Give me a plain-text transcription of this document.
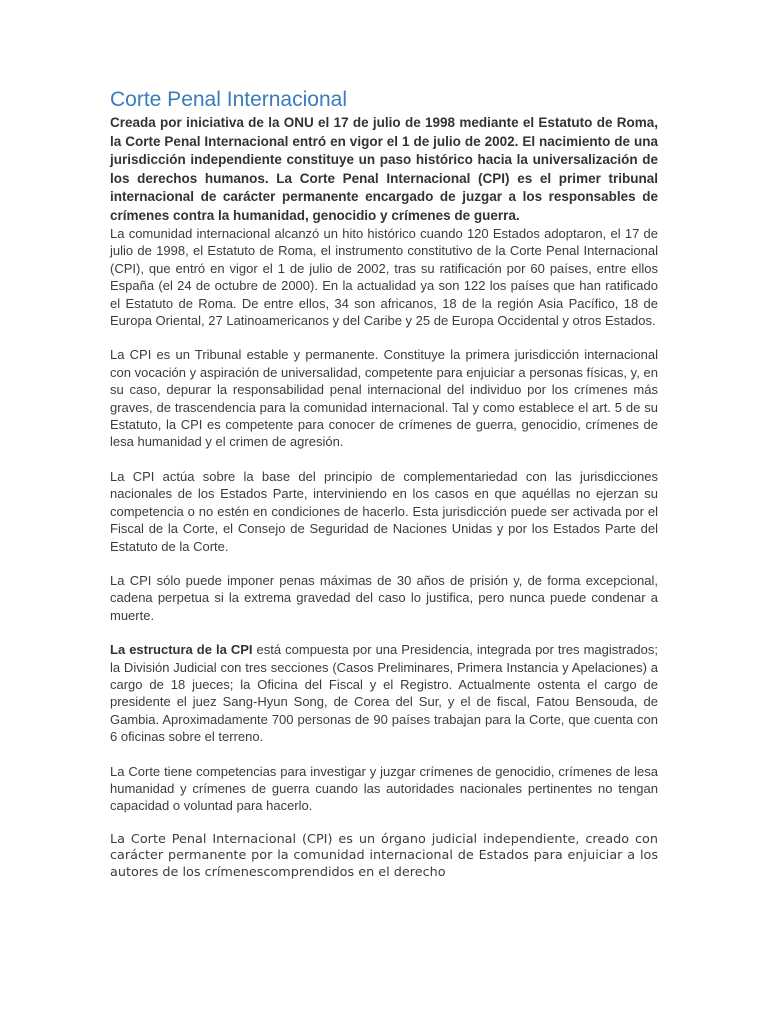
Corte Penal Internacional

Creada por iniciativa de la ONU el 17 de julio de 1998 mediante el Estatuto de Roma, la Corte Penal Internacional entró en vigor el 1 de julio de 2002. El nacimiento de una jurisdicción independiente constituye un paso histórico hacia la universalización de los derechos humanos. La Corte Penal Internacional (CPI) es el primer tribunal internacional de carácter permanente encargado de juzgar a los responsables de crímenes contra la humanidad, genocidio y crímenes de guerra.

La comunidad internacional alcanzó un hito histórico cuando 120 Estados adoptaron, el 17 de julio de 1998, el Estatuto de Roma, el instrumento constitutivo de la Corte Penal Internacional (CPI), que entró en vigor el 1 de julio de 2002, tras su ratificación por 60 países, entre ellos España (el 24 de octubre de 2000). En la actualidad ya son 122 los países que han ratificado el Estatuto de Roma. De entre ellos, 34 son africanos, 18 de la región Asia Pacífico, 18 de Europa Oriental, 27 Latinoamericanos y del Caribe y 25 de Europa Occidental y otros Estados.

La CPI es un Tribunal estable y permanente. Constituye la primera jurisdicción internacional con vocación y aspiración de universalidad, competente para enjuiciar a personas físicas, y, en su caso, depurar la responsabilidad penal internacional del individuo por los crímenes más graves, de trascendencia para la comunidad internacional. Tal y como establece el art. 5 de su Estatuto, la CPI es competente para conocer de crímenes de guerra, genocidio, crímenes de lesa humanidad y el crimen de agresión.

La CPI actúa sobre la base del principio de complementariedad con las jurisdicciones nacionales de los Estados Parte, interviniendo en los casos en que aquéllas no ejerzan su competencia o no estén en condiciones de hacerlo. Esta jurisdicción puede ser activada por el Fiscal de la Corte, el Consejo de Seguridad de Naciones Unidas y por los Estados Parte del Estatuto de la Corte.

La CPI sólo puede imponer penas máximas de 30 años de prisión y, de forma excepcional, cadena perpetua si la extrema gravedad del caso lo justifica, pero nunca puede condenar a muerte.

La estructura de la CPI está compuesta por una Presidencia, integrada por tres magistrados; la División Judicial con tres secciones (Casos Preliminares, Primera Instancia y Apelaciones) a cargo de 18 jueces; la Oficina del Fiscal y el Registro. Actualmente ostenta el cargo de presidente el juez Sang-Hyun Song, de Corea del Sur, y el de fiscal, Fatou Bensouda, de Gambia. Aproximadamente 700 personas de 90 países trabajan para la Corte, que cuenta con 6 oficinas sobre el terreno.

La Corte tiene competencias para investigar y juzgar crímenes de genocidio, crímenes de lesa humanidad y crímenes de guerra cuando las autoridades nacionales pertinentes no tengan capacidad o voluntad para hacerlo.

La Corte Penal Internacional (CPI) es un órgano judicial independiente, creado con carácter permanente por la comunidad internacional de Estados para enjuiciar a los autores de los crímenescomprendidos en el derecho
